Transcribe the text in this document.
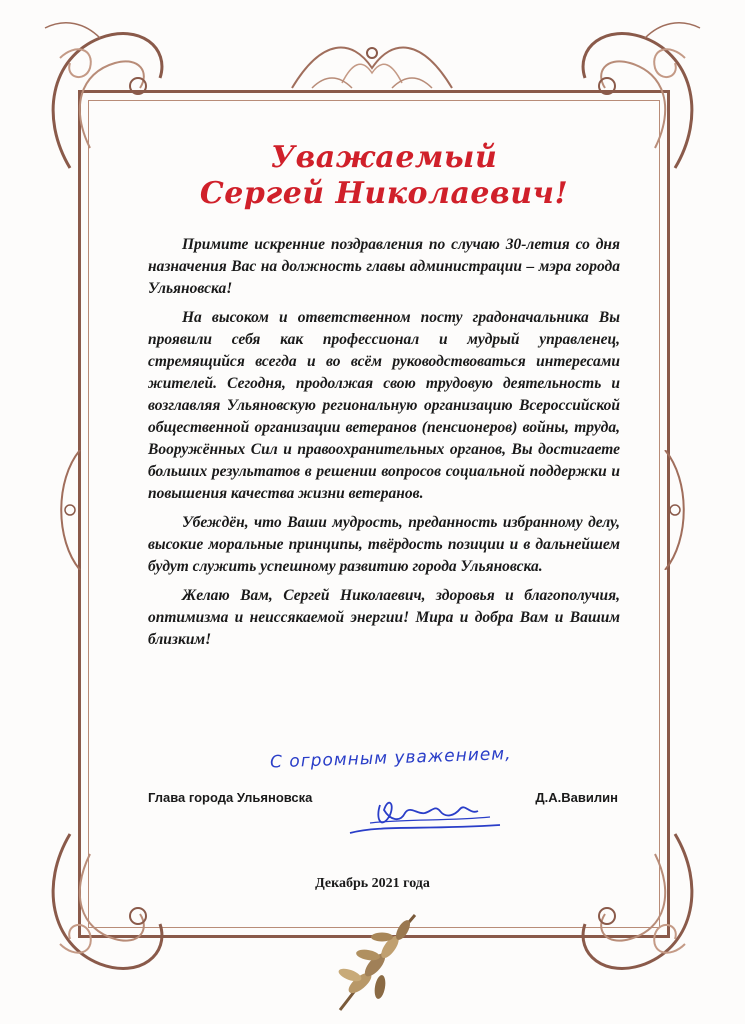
Уважаемый
Сергей Николаевич!

Примите искренние поздравления по случаю 30-летия со дня назначения Вас на должность главы администрации – мэра города Ульяновска!

На высоком и ответственном посту градоначальника Вы проявили себя как профессионал и мудрый управленец, стремящийся всегда и во всём руководствоваться интересами жителей. Сегодня, продолжая свою трудовую деятельность и возглавляя Ульяновскую региональную организацию Всероссийской общественной организации ветеранов (пенсионеров) войны, труда, Вооружённых Сил и правоохранительных органов, Вы достигаете больших результатов в решении вопросов социальной поддержки и повышения качества жизни ветеранов.

Убеждён, что Ваши мудрость, преданность избранному делу, высокие моральные принципы, твёрдость позиции и в дальнейшем будут служить успешному развитию города Ульяновска.

Желаю Вам, Сергей Николаевич, здоровья и благополучия, оптимизма и неиссякаемой энергии! Мира и добра Вам и Вашим близким!

С огромным уважением,
Глава города Ульяновска	Д.А.Вавилин
Декабрь 2021 года
